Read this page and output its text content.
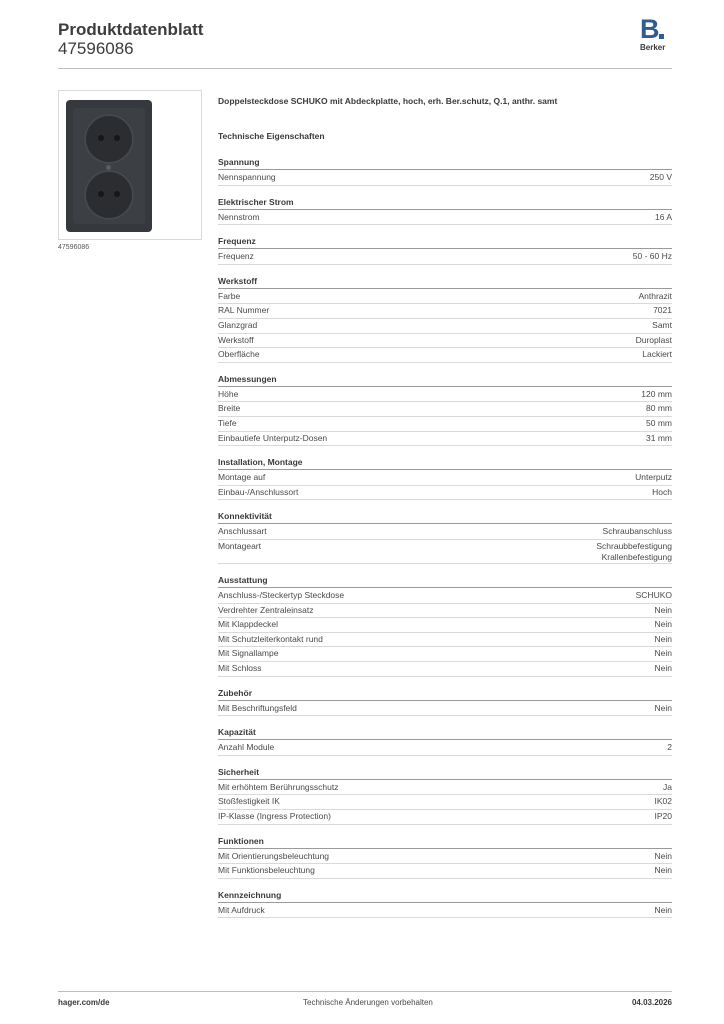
Produktdatenblatt
47596086
B
Berker
47596086
Doppelsteckdose SCHUKO mit Abdeckplatte, hoch, erh. Ber.schutz, Q.1, anthr. samt
Technische Eigenschaften
Spannung
Nennspannung	250 V
Elektrischer Strom
Nennstrom	16 A
Frequenz
Frequenz	50 - 60 Hz
Werkstoff
Farbe	Anthrazit
RAL Nummer	7021
Glanzgrad	Samt
Werkstoff	Duroplast
Oberfläche	Lackiert
Abmessungen
Höhe	120 mm
Breite	80 mm
Tiefe	50 mm
Einbautiefe Unterputz-Dosen	31 mm
Installation, Montage
Montage auf	Unterputz
Einbau-/Anschlussort	Hoch
Konnektivität
Anschlussart	Schraubanschluss
Montageart	Schraubbefestigung
Krallenbefestigung
Ausstattung
Anschluss-/Steckertyp Steckdose	SCHUKO
Verdrehter Zentraleinsatz	Nein
Mit Klappdeckel	Nein
Mit Schutzleiterkontakt rund	Nein
Mit Signallampe	Nein
Mit Schloss	Nein
Zubehör
Mit Beschriftungsfeld	Nein
Kapazität
Anzahl Module	2
Sicherheit
Mit erhöhtem Berührungsschutz	Ja
Stoßfestigkeit IK	IK02
IP-Klasse (Ingress Protection)	IP20
Funktionen
Mit Orientierungsbeleuchtung	Nein
Mit Funktionsbeleuchtung	Nein
Kennzeichnung
Mit Aufdruck	Nein
hager.com/de	Technische Änderungen vorbehalten	04.03.2026
